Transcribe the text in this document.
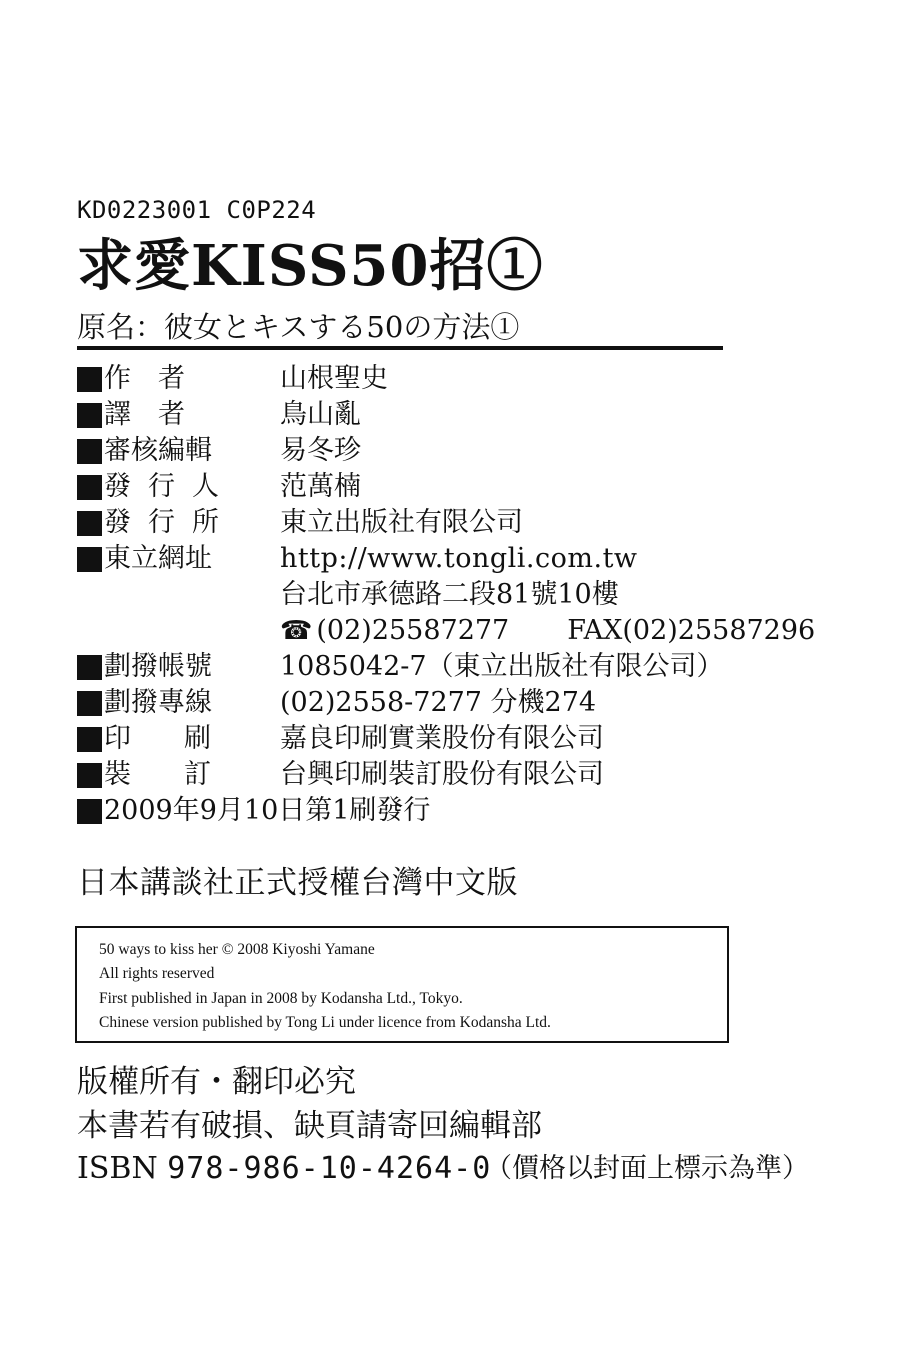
KD0223001 C0P224
求愛KISS50招①
原名：彼女とキスする50の方法①
作　者	山根聖史
譯　者	鳥山亂
審核編輯	易冬珍
發行人 范萬楠
發行所 東立出版社有限公司
東立網址	http://www.tongli.com.tw
台北市承德路二段81號10樓
☎ (02)25587277 FAX(02)25587296
劃撥帳號	1085042-7（東立出版社有限公司）
劃撥專線	(02)2558-7277 分機274
印刷 嘉良印刷實業股份有限公司
裝訂 台興印刷裝訂股份有限公司
2009年9月10日第1刷發行
日本講談社正式授權台灣中文版
50 ways to kiss her © 2008 Kiyoshi Yamane
All rights reserved
First published in Japan in 2008 by Kodansha Ltd., Tokyo.
Chinese version published by Tong Li under licence from Kodansha Ltd.
版權所有・翻印必究
本書若有破損、缺頁請寄回編輯部
ISBN 978-986-10-4264-0
（價格以封面上標示為準）
